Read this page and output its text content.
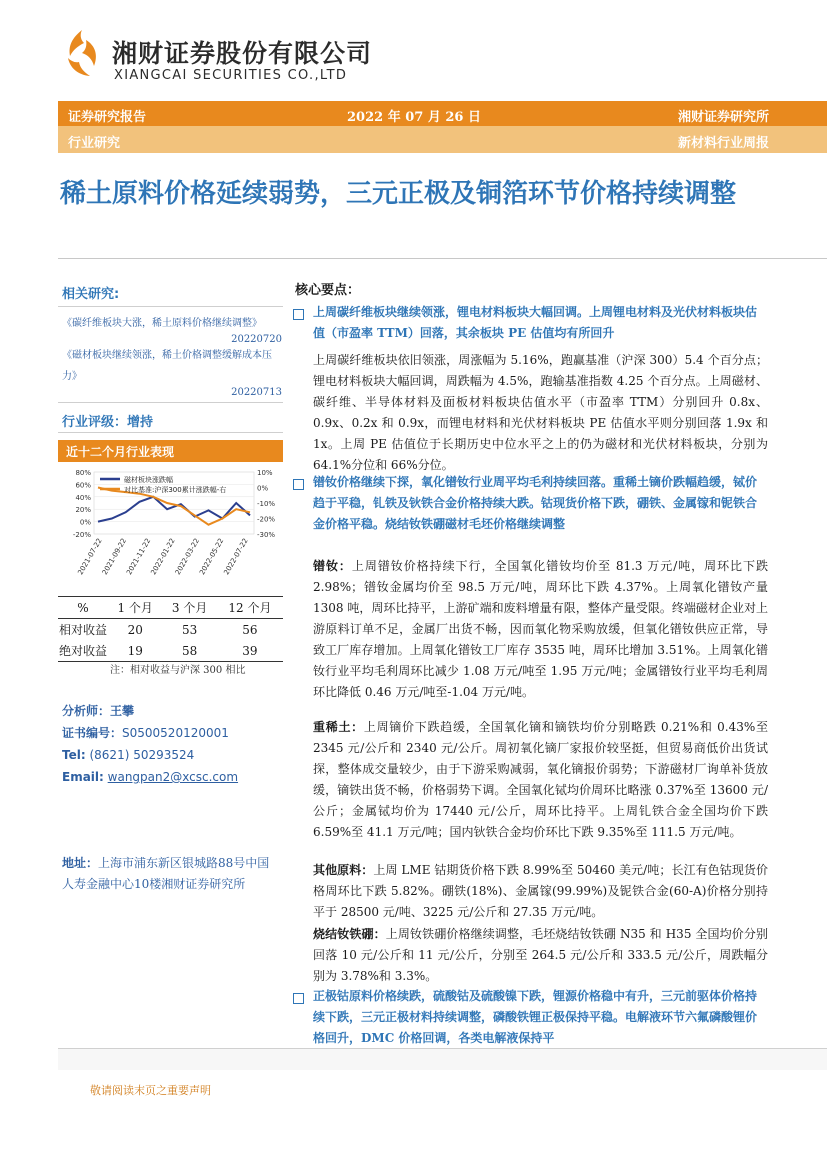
湘财证券股份有限公司
XIANGCAI SECURITIES CO.,LTD
证券研究报告	2022 年 07 月 26 日	湘财证券研究所
行业研究	新材料行业周报
稀土原料价格延续弱势，三元正极及铜箔环节价格持续调整
相关研究:
《碳纤维板块大涨，稀土原料价格继续调整》
20220720
《磁材板块继续领涨，稀土价格调整缓解成本压力》
20220713
行业评级：增持
近十二个月行业表现
80%
60%
40%
20%
0%
-20%
10%
0%
-10%
-20%
-30%
2021-07-22
2021-09-22
2021-11-22
2022-01-22
2022-03-22
2022-05-22
2022-07-22
磁材板块涨跌幅
对比基准:沪深300累计涨跌幅-右
%	1 个月	3 个月	12 个月
相对收益	20	53	56
绝对收益	19	58	39
注：相对收益与沪深 300 相比
分析师：王攀
证书编号：S0500520120001
Tel: (8621) 50293524
Email: wangpan2@xcsc.com
地址：上海市浦东新区银城路88号中国人寿金融中心10楼湘财证券研究所
核心要点：
上周碳纤维板块继续领涨，锂电材料板块大幅回调。上周锂电材料及光伏材料板块估值（市盈率 TTM）回落，其余板块 PE 估值均有所回升
上周碳纤维板块依旧领涨，周涨幅为 5.16%，跑赢基准（沪深 300）5.4 个百分点；锂电材料板块大幅回调，周跌幅为 4.5%，跑输基准指数 4.25 个百分点。上周磁材、碳纤维、半导体材料及面板材料板块估值水平（市盈率 TTM）分别回升 0.8x、0.9x、0.2x 和 0.9x，而锂电材料和光伏材料板块 PE 估值水平则分别回落 1.9x 和 1x。上周 PE 估值位于长期历史中位水平之上的仍为磁材和光伏材料板块，分别为 64.1%分位和 66%分位。
镨钕价格继续下探，氧化镨钕行业周平均毛利持续回落。重稀土镝价跌幅趋缓，铽价趋于平稳，钆铁及钬铁合金价格持续大跌。钴现货价格下跌，硼铁、金属镓和铌铁合金价格平稳。烧结钕铁硼磁材毛坯价格继续调整
镨钕：上周镨钕价格持续下行，全国氧化镨钕均价至 81.3 万元/吨，周环比下跌 2.98%；镨钕金属均价至 98.5 万元/吨，周环比下跌 4.37%。上周氧化镨钕产量 1308 吨，周环比持平，上游矿端和废料增量有限，整体产量受限。终端磁材企业对上游原料订单不足，金属厂出货不畅，因而氧化物采购放缓，但氧化镨钕供应正常，导致工厂库存增加。上周氧化镨钕工厂库存 3535 吨，周环比增加 3.51%。上周氧化镨钕行业平均毛利周环比减少 1.08 万元/吨至 1.95 万元/吨；金属镨钕行业平均毛利周环比降低 0.46 万元/吨至-1.04 万元/吨。
重稀土：上周镝价下跌趋缓，全国氧化镝和镝铁均价分别略跌 0.21%和 0.43%至 2345 元/公斤和 2340 元/公斤。周初氧化镝厂家报价较坚挺，但贸易商低价出货试探，整体成交量较少，由于下游采购减弱，氧化镝报价弱势；下游磁材厂询单补货放缓，镝铁出货不畅，价格弱势下调。全国氧化铽均价周环比略涨 0.37%至 13600 元/公斤；金属铽均价为 17440 元/公斤，周环比持平。上周钆铁合金全国均价下跌 6.59%至 41.1 万元/吨；国内钬铁合金均价环比下跌 9.35%至 111.5 万元/吨。
其他原料：上周 LME 钴期货价格下跌 8.99%至 50460 美元/吨；长江有色钴现货价格周环比下跌 5.82%。硼铁(18%)、金属镓(99.99%)及铌铁合金(60-A)价格分别持平于 28500 元/吨、3225 元/公斤和 27.35 万元/吨。
烧结钕铁硼：上周钕铁硼价格继续调整，毛坯烧结钕铁硼 N35 和 H35 全国均价分别回落 10 元/公斤和 11 元/公斤，分别至 264.5 元/公斤和 333.5 元/公斤，周跌幅分别为 3.78%和 3.3%。
正极钴原料价格续跌，硫酸钴及硫酸镍下跌，锂源价格稳中有升，三元前驱体价格持续下跌，三元正极材料持续调整，磷酸铁锂正极保持平稳。电解液环节六氟磷酸锂价格回升，DMC 价格回调，各类电解液保持平
敬请阅读末页之重要声明
